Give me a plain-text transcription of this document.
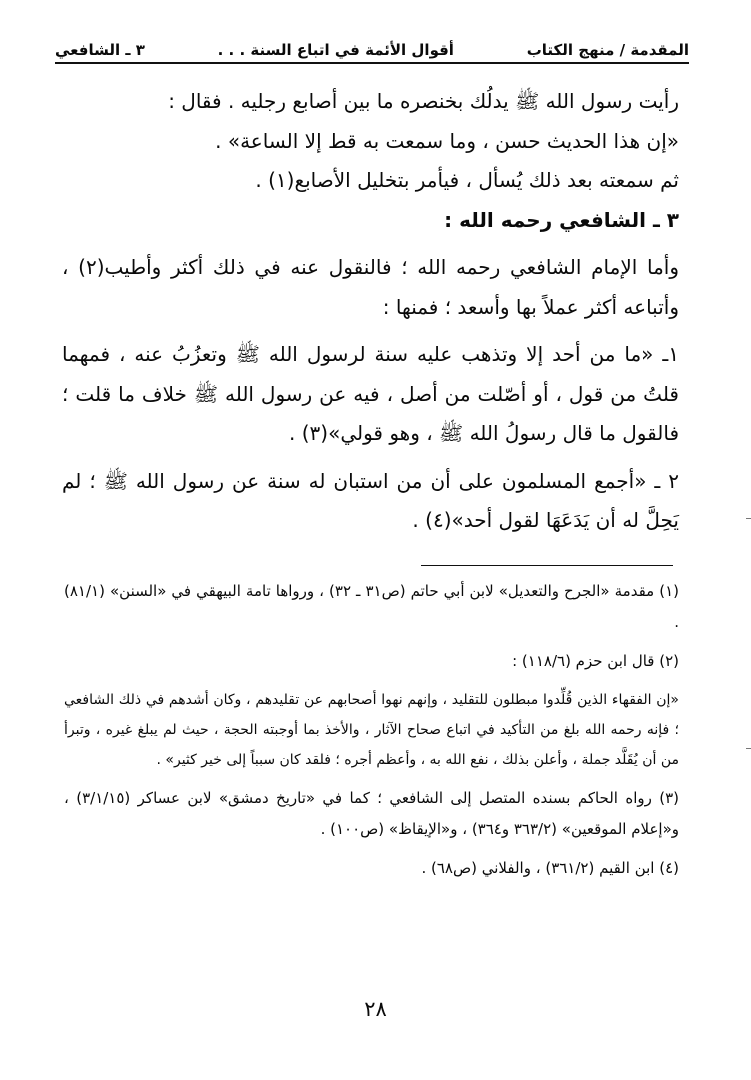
المقدمة / منهج الكتاب
أقوال الأئمة في اتباع السنة . . .
٣ ـ الشافعي

رأيت رسول الله ﷺ يدلُك بخنصره ما بين أصابع رجليه . فقال :

«إن هذا الحديث حسن ، وما سمعت به قط إلا الساعة» .

ثم سمعته بعد ذلك يُسأل ، فيأمر بتخليل الأصابع(١) .

٣ ـ الشافعي رحمه الله :

وأما الإمام الشافعي رحمه الله ؛ فالنقول عنه في ذلك أكثر وأطيب(٢) ، وأتباعه أكثر عملاً بها وأسعد ؛ فمنها :

١ـ «ما من أحد إلا وتذهب عليه سنة لرسول الله ﷺ وتعزُبُ عنه ، فمهما قلتُ من قول ، أو أصّلت من أصل ، فيه عن رسول الله ﷺ خلاف ما قلت ؛ فالقول ما قال رسولُ الله ﷺ ، وهو قولي»(٣) .

٢ ـ «أجمع المسلمون على أن من استبان له سنة عن رسول الله ﷺ ؛ لم يَحِلَّ له أن يَدَعَهَا لقول أحد»(٤) .

(١) مقدمة «الجرح والتعديل» لابن أبي حاتم (ص٣١ ـ ٣٢) ، ورواها تامة البيهقي في «السنن» (٨١/١) .

(٢) قال ابن حزم (١١٨/٦) :

«إن الفقهاء الذين قُلِّدوا مبطلون للتقليد ، وإنهم نهوا أصحابهم عن تقليدهم ، وكان أشدهم في ذلك الشافعي ؛ فإنه رحمه الله بلغ من التأكيد في اتباع صحاح الآثار ، والأخذ بما أوجبته الحجة ، حيث لم يبلغ غيره ، وتبرأ من أن يُقَلَّد جملة ، وأعلن بذلك ، نفع الله به ، وأعظم أجره ؛ فلقد كان سبباً إلى خير كثير» .

(٣) رواه الحاكم بسنده المتصل إلى الشافعي ؛ كما في «تاريخ دمشق» لابن عساكر (٣/١/١٥) ، و«إعلام الموقعين» (٣٦٣/٢ و٣٦٤) ، و«الإيقاظ» (ص١٠٠) .

(٤) ابن القيم (٣٦١/٢) ، والفلاني (ص٦٨) .

٢٨
